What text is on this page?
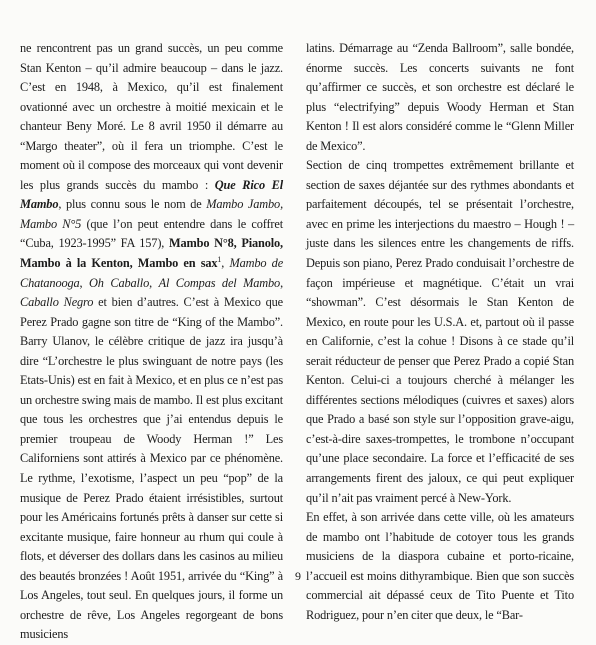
ne rencontrent pas un grand succès, un peu comme Stan Kenton – qu’il admire beaucoup – dans le jazz. C’est en 1948, à Mexico, qu’il est finalement ovationné avec un orchestre à moitié mexicain et le chanteur Beny Moré. Le 8 avril 1950 il démarre au “Margo theater”, où il fera un triomphe. C’est le moment où il compose des morceaux qui vont devenir les plus grands succès du mambo : Que Rico El Mambo, plus connu sous le nom de Mambo Jambo, Mambo N°5 (que l’on peut entendre dans le coffret “Cuba, 1923-1995” FA 157), Mambo N°8, Pianolo, Mambo à la Kenton, Mambo en sax$^1$, Mambo de Chatanooga, Oh Caballo, Al Compas del Mambo, Caballo Negro et bien d’autres. C’est à Mexico que Perez Prado gagne son titre de “King of the Mambo”. Barry Ulanov, le célèbre critique de jazz ira jusqu’à dire “L’orchestre le plus swinguant de notre pays (les Etats-Unis) est en fait à Mexico, et en plus ce n’est pas un orchestre swing mais de mambo. Il est plus excitant que tous les orchestres que j’ai entendus depuis le premier troupeau de Woody Herman !” Les Californiens sont attirés à Mexico par ce phénomène. Le rythme, l’exotisme, l’aspect un peu “pop” de la musique de Perez Prado étaient irrésistibles, surtout pour les Américains fortunés prêts à danser sur cette si excitante musique, faire honneur au rhum qui coule à flots, et déverser des dollars dans les casinos au milieu des beautés bronzées ! Août 1951, arrivée du “King” à Los Angeles, tout seul. En quelques jours, il forme un orchestre de rêve, Los Angeles regorgeant de bons musiciens

latins. Démarrage au “Zenda Ballroom”, salle bondée, énorme succès. Les concerts suivants ne font qu’affirmer ce succès, et son orchestre est déclaré le plus “electrifying” depuis Woody Herman et Stan Kenton ! Il est alors considéré comme le “Glenn Miller de Mexico”.

Section de cinq trompettes extrêmement brillante et section de saxes déjantée sur des rythmes abondants et parfaitement découpés, tel se présentait l’orchestre, avec en prime les interjections du maestro – Hough ! – juste dans les silences entre les changements de riffs. Depuis son piano, Perez Prado conduisait l’orchestre de façon impérieuse et magnétique. C’était un vrai “showman”. C’est désormais le Stan Kenton de Mexico, en route pour les U.S.A. et, partout où il passe en Californie, c’est la cohue ! Disons à ce stade qu’il serait réducteur de penser que Perez Prado a copié Stan Kenton. Celui-ci a toujours cherché à mélanger les différentes sections mélodiques (cuivres et saxes) alors que Prado a basé son style sur l’opposition grave-aigu, c’est-à-dire saxes-trompettes, le trombone n’occupant qu’une place secondaire. La force et l’efficacité de ses arrangements firent des jaloux, ce qui peut expliquer qu’il n’ait pas vraiment percé à New-York.

En effet, à son arrivée dans cette ville, où les amateurs de mambo ont l’habitude de cotoyer tous les grands musiciens de la diaspora cubaine et porto-ricaine, l’accueil est moins dithyrambique. Bien que son succès commercial ait dépassé ceux de Tito Puente et Tito Rodriguez, pour n’en citer que deux, le “Bar-

9
